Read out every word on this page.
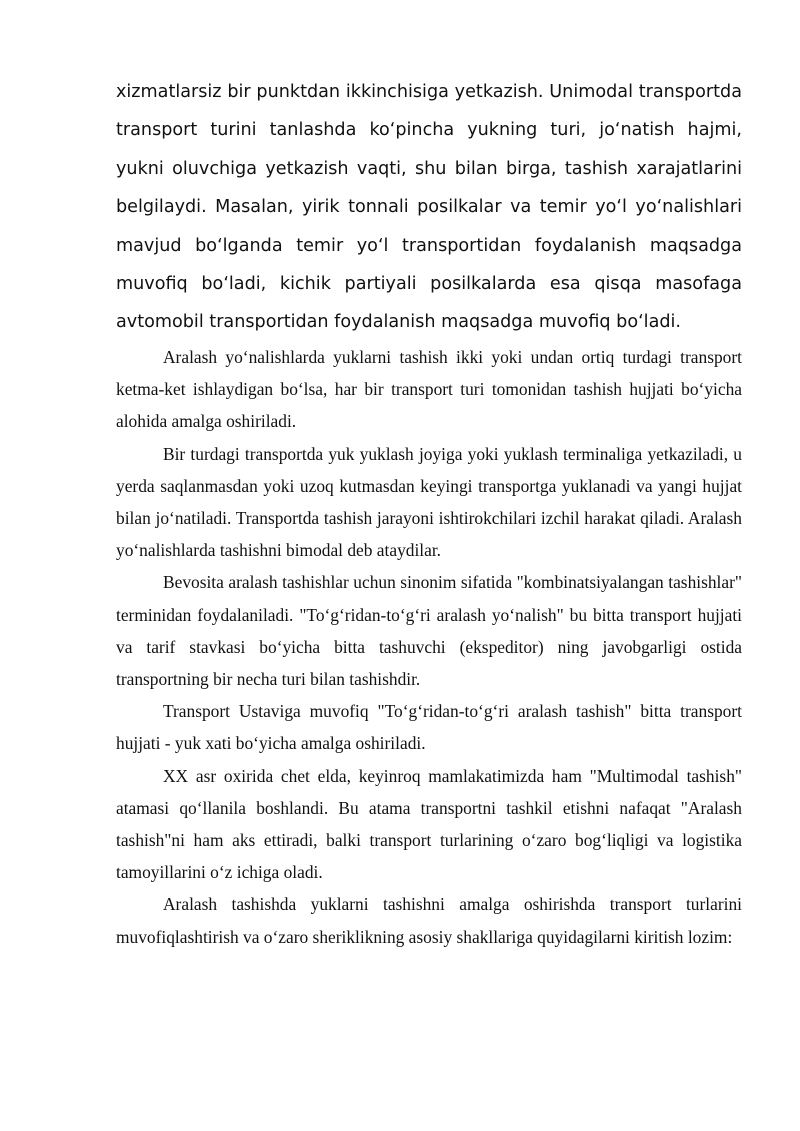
xizmatlarsiz bir punktdan ikkinchisiga yetkazish. Unimodal transportda transport turini tanlashda ko‘pincha yukning turi, jo‘natish hajmi, yukni oluvchiga yetkazish vaqti, shu bilan birga, tashish xarajatlarini belgilaydi. Masalan, yirik tonnali posilkalar va temir yo‘l yo‘nalishlari mavjud bo‘lganda temir yo‘l transportidan foydalanish maqsadga muvofiq bo‘ladi, kichik partiyali posilkalarda esa qisqa masofaga avtomobil transportidan foydalanish maqsadga muvofiq bo‘ladi.

Aralash yo‘nalishlarda yuklarni tashish ikki yoki undan ortiq turdagi transport ketma-ket ishlaydigan bo‘lsa, har bir transport turi tomonidan tashish hujjati bo‘yicha alohida amalga oshiriladi.

Bir turdagi transportda yuk yuklash joyiga yoki yuklash terminaliga yetkaziladi, u yerda saqlanmasdan yoki uzoq kutmasdan keyingi transportga yuklanadi va yangi hujjat bilan jo‘natiladi. Transportda tashish jarayoni ishtirokchilari izchil harakat qiladi. Aralash yo‘nalishlarda tashishni bimodal deb ataydilar.

Bevosita aralash tashishlar uchun sinonim sifatida "kombinatsiyalangan tashishlar" terminidan foydalaniladi. "To‘g‘ridan-to‘g‘ri aralash yo‘nalish" bu bitta transport hujjati va tarif stavkasi bo‘yicha bitta tashuvchi (ekspeditor) ning javobgarligi ostida transportning bir necha turi bilan tashishdir.

Transport Ustaviga muvofiq "To‘g‘ridan-to‘g‘ri aralash tashish" bitta transport hujjati - yuk xati bo‘yicha amalga oshiriladi.

XX asr oxirida chet elda, keyinroq mamlakatimizda ham "Multimodal tashish" atamasi qo‘llanila boshlandi. Bu atama transportni tashkil etishni nafaqat "Aralash tashish"ni ham aks ettiradi, balki transport turlarining o‘zaro bog‘liqligi va logistika tamoyillarini o‘z ichiga oladi.

Aralash tashishda yuklarni tashishni amalga oshirishda transport turlarini muvofiqlashtirish va o‘zaro sheriklikning asosiy shakllariga quyidagilarni kiritish lozim:
